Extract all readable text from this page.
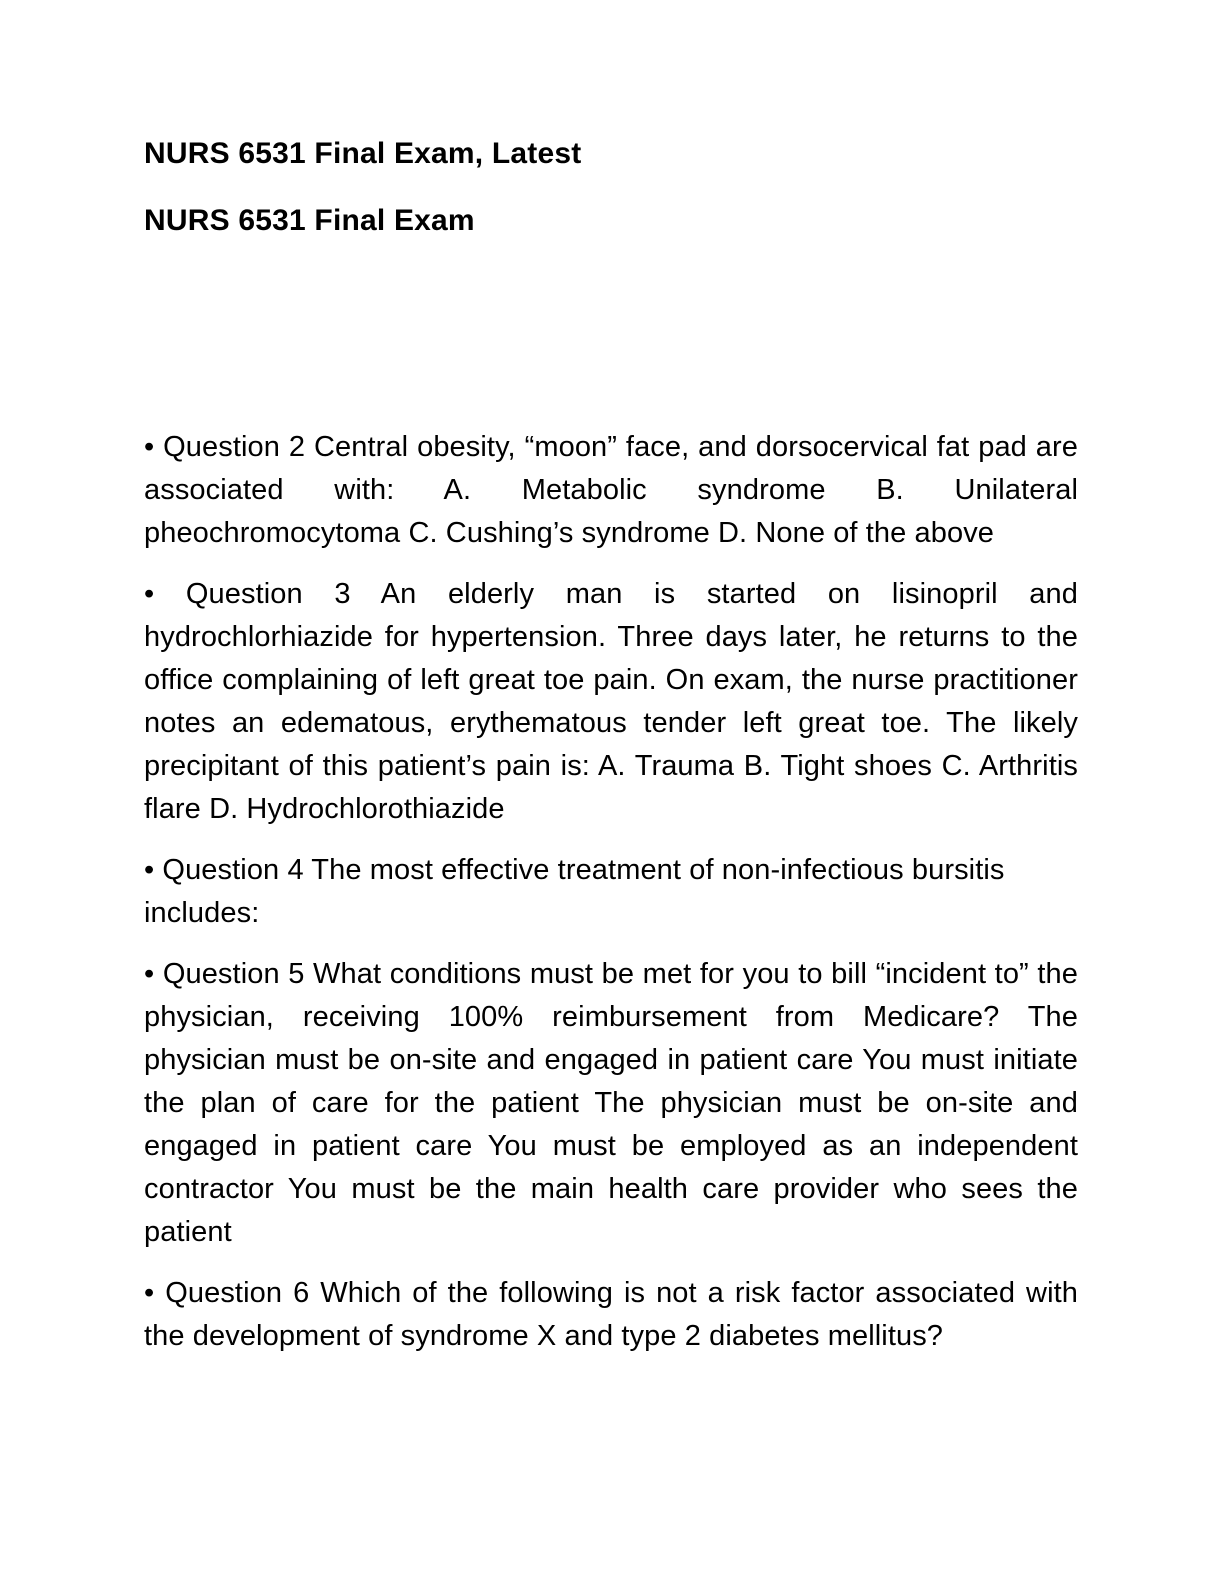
NURS 6531 Final Exam, Latest
NURS 6531 Final Exam

• Question 2 Central obesity, “moon” face, and dorsocervical fat pad are associated with: A. Metabolic syndrome B. Unilateral pheochromocytoma C. Cushing’s syndrome D. None of the above

• Question 3 An elderly man is started on lisinopril and hydrochlorhiazide for hypertension. Three days later, he returns to the office complaining of left great toe pain. On exam, the nurse practitioner notes an edematous, erythematous tender left great toe. The likely precipitant of this patient’s pain is: A. Trauma B. Tight shoes C. Arthritis flare D. Hydrochlorothiazide

• Question 4 The most effective treatment of non-infectious bursitis includes:

• Question 5 What conditions must be met for you to bill “incident to” the physician, receiving 100% reimbursement from Medicare? The physician must be on-site and engaged in patient care You must initiate the plan of care for the patient The physician must be on-site and engaged in patient care You must be employed as an independent contractor You must be the main health care provider who sees the patient

• Question 6 Which of the following is not a risk factor associated with the development of syndrome X and type 2 diabetes mellitus?
